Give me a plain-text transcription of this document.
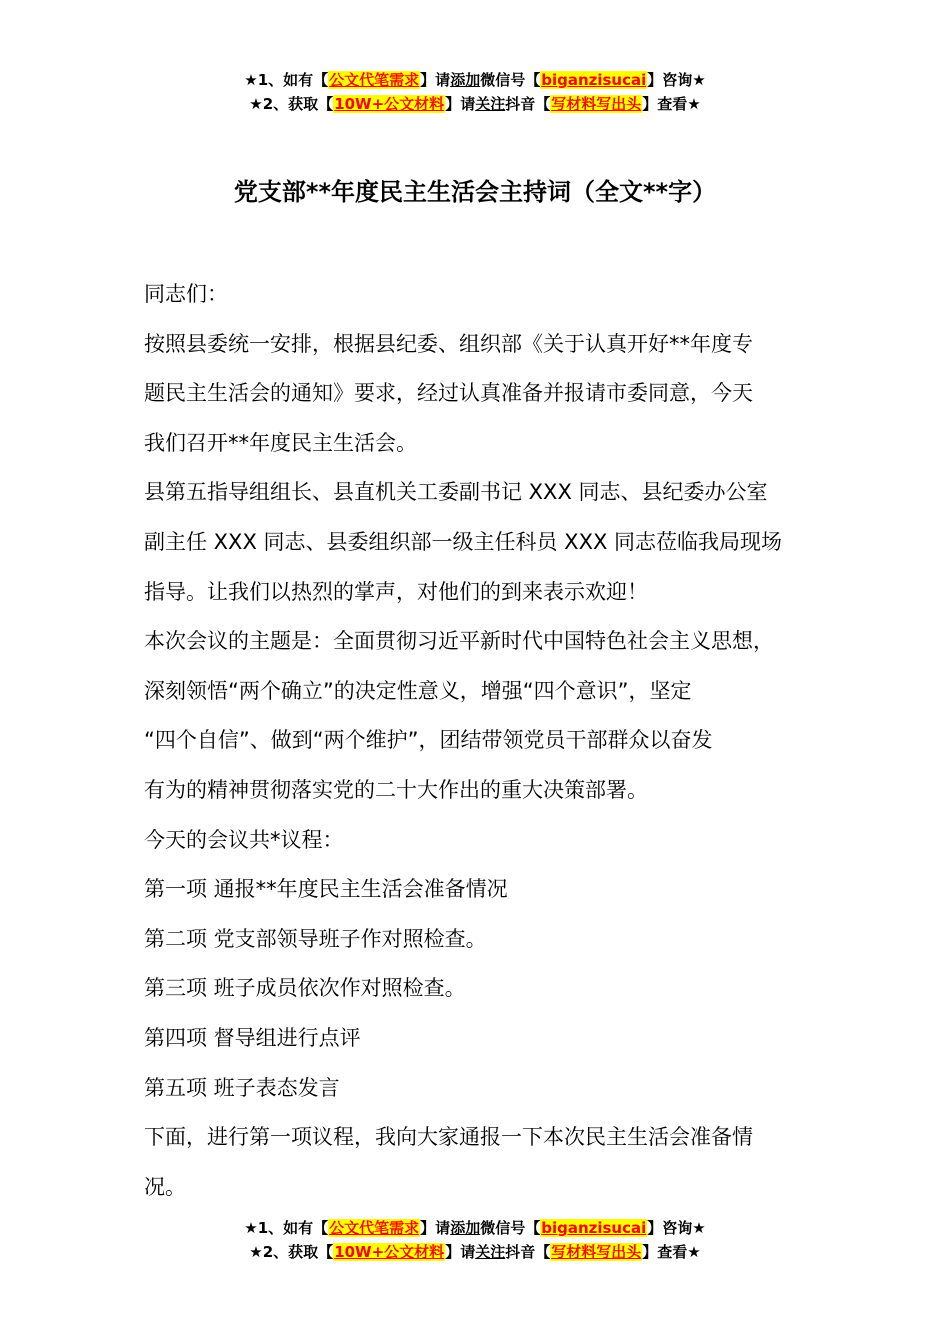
★1、如有【公文代笔需求】请添加微信号【biganzisucai】咨询★
★2、获取【10W+公文材料】请关注抖音【写材料写出头】查看★
党支部**年度民主生活会主持词（全文**字）
同志们：
按照县委统一安排，根据县纪委、组织部《关于认真开好**年度专
题民主生活会的通知》要求，经过认真准备并报请市委同意，今天
我们召开**年度民主生活会。
县第五指导组组长、县直机关工委副书记 XXX 同志、县纪委办公室
副主任 XXX 同志、县委组织部一级主任科员 XXX 同志莅临我局现场
指导。让我们以热烈的掌声，对他们的到来表示欢迎！
本次会议的主题是：全面贯彻习近平新时代中国特色社会主义思想，
深刻领悟“两个确立”的决定性意义，增强“四个意识”，坚定
“四个自信”、做到“两个维护”，团结带领党员干部群众以奋发
有为的精神贯彻落实党的二十大作出的重大决策部署。
今天的会议共*议程：
第一项 通报**年度民主生活会准备情况
第二项 党支部领导班子作对照检查。
第三项 班子成员依次作对照检查。
第四项 督导组进行点评
第五项 班子表态发言
下面，进行第一项议程，我向大家通报一下本次民主生活会准备情
况。
★1、如有【公文代笔需求】请添加微信号【biganzisucai】咨询★
★2、获取【10W+公文材料】请关注抖音【写材料写出头】查看★
